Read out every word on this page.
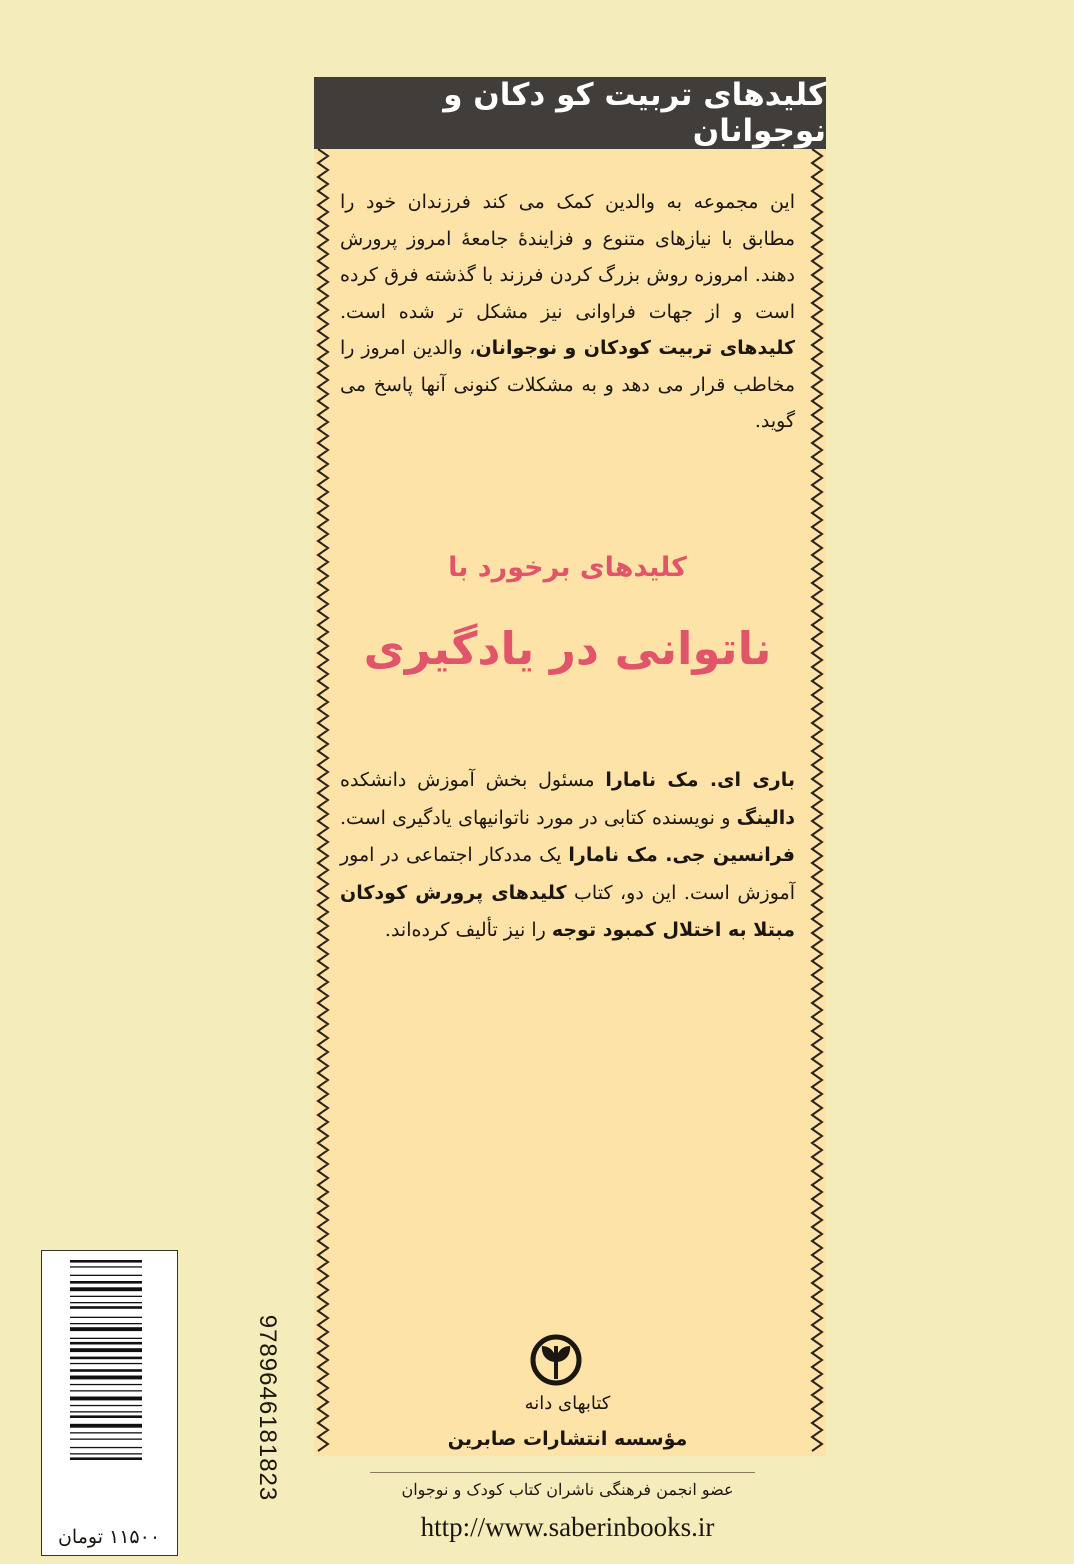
کلیدهای تربیت کو دکان و نوجوانان
این مجموعه به والدین کمک می کند فرزندان خود را مطابق با نیازهای متنوع و فزایندهٔ جامعهٔ امروز پرورش دهند. امروزه روش بزرگ کردن فرزند با گذشته فرق کرده است و از جهات فراوانی نیز مشکل تر شده است. کلیدهای تربیت کودکان و نوجوانان، والدین امروز را مخاطب قرار می دهد و به مشکلات کنونی آنها پاسخ می گوید.
کلیدهای برخورد با
ناتوانی در یادگیری
باری ای. مک نامارا مسئول بخش آموزش دانشکده دالینگ و نویسنده کتابی در مورد ناتوانیهای یادگیری است. فرانسین جی. مک نامارا یک مددکار اجتماعی در امور آموزش است. این دو، کتاب کلیدهای پرورش کودکان مبتلا به اختلال کمبود توجه را نیز تألیف کرده‌اند.
کتابهای دانه
مؤسسه انتشارات صابرین
عضو انجمن فرهنگی ناشران کتاب کودک و نوجوان
http://www.saberinbooks.ir
9789646181823
۱۱۵۰۰ تومان
